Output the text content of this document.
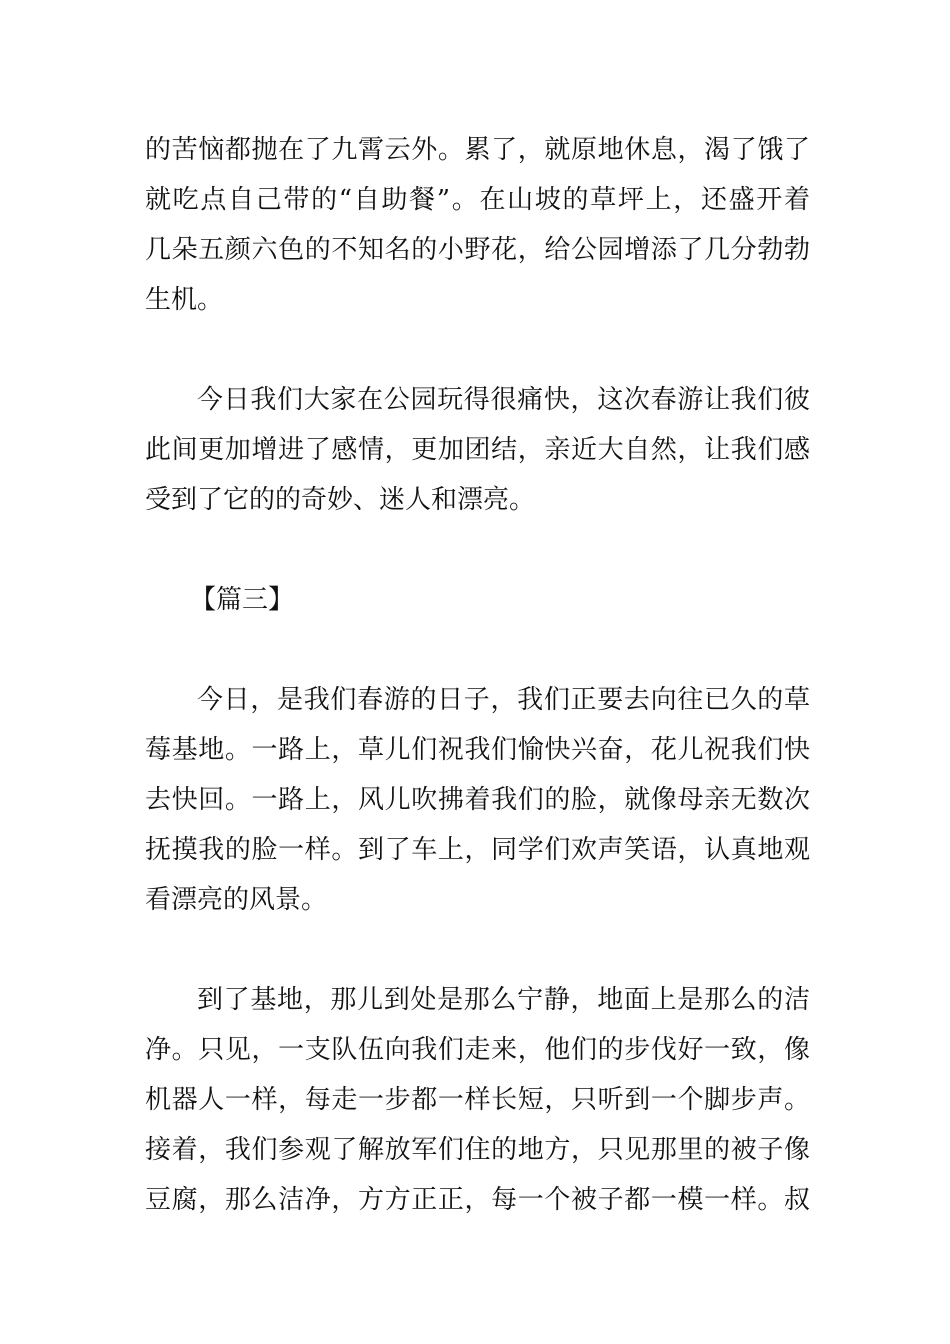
的苦恼都抛在了九霄云外。累了，就原地休息，渴了饿了

就吃点自己带的“自助餐”。在山坡的草坪上，还盛开着

几朵五颜六色的不知名的小野花，给公园增添了几分勃勃

生机。

今日我们大家在公园玩得很痛快，这次春游让我们彼

此间更加增进了感情，更加团结，亲近大自然，让我们感

受到了它的的奇妙、迷人和漂亮。

【篇三】

今日，是我们春游的日子，我们正要去向往已久的草

莓基地。一路上，草儿们祝我们愉快兴奋，花儿祝我们快

去快回。一路上，风儿吹拂着我们的脸，就像母亲无数次

抚摸我的脸一样。到了车上，同学们欢声笑语，认真地观

看漂亮的风景。

到了基地，那儿到处是那么宁静，地面上是那么的洁

净。只见，一支队伍向我们走来，他们的步伐好一致，像

机器人一样，每走一步都一样长短，只听到一个脚步声。

接着，我们参观了解放军们住的地方，只见那里的被子像

豆腐，那么洁净，方方正正，每一个被子都一模一样。叔
